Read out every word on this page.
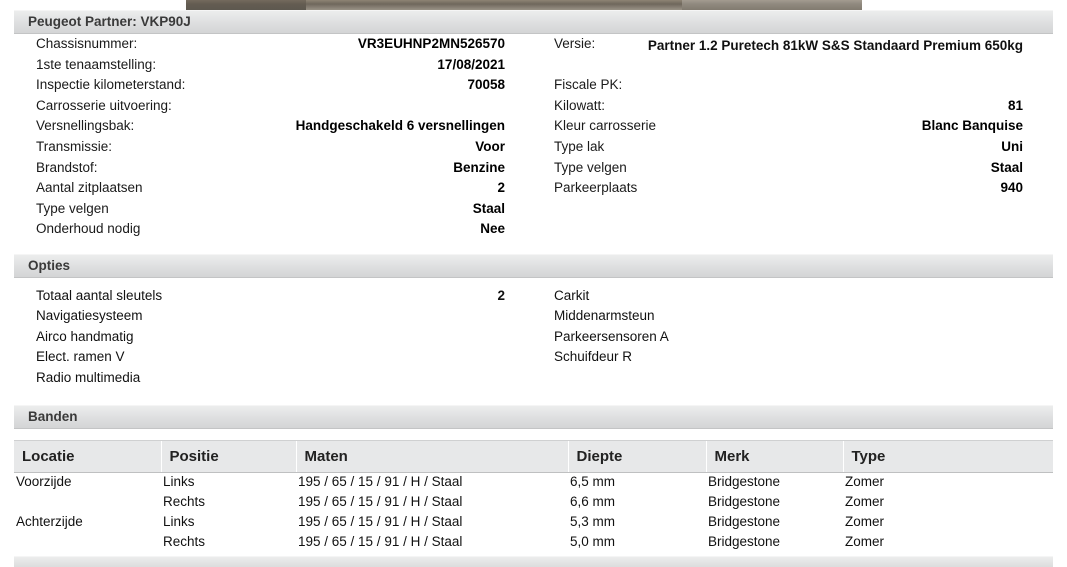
Peugeot Partner: VKP90J
Chassisnummer:	VR3EUHNP2MN526570
1ste tenaamstelling:	17/08/2021
Inspectie kilometerstand:	70058
Carrosserie uitvoering:
Versnellingsbak:	Handgeschakeld 6 versnellingen
Transmissie:	Voor
Brandstof:	Benzine
Aantal zitplaatsen	2
Type velgen	Staal
Onderhoud nodig	Nee
Versie:	Partner 1.2 Puretech 81kW S&S Standaard Premium 650kg
Fiscale PK:
Kilowatt:	81
Kleur carrosserie	Blanc Banquise
Type lak	Uni
Type velgen	Staal
Parkeerplaats	940
Opties
Totaal aantal sleutels	2
Navigatiesysteem
Airco handmatig
Elect. ramen V
Radio multimedia
Carkit
Middenarmsteun
Parkeersensoren A
Schuifdeur R
Banden
Locatie	Positie	Maten	Diepte	Merk	Type
Voorzijde	Links	195 / 65 / 15 / 91 / H / Staal	6,5 mm	Bridgestone	Zomer
	Rechts	195 / 65 / 15 / 91 / H / Staal	6,6 mm	Bridgestone	Zomer
Achterzijde	Links	195 / 65 / 15 / 91 / H / Staal	5,3 mm	Bridgestone	Zomer
	Rechts	195 / 65 / 15 / 91 / H / Staal	5,0 mm	Bridgestone	Zomer
